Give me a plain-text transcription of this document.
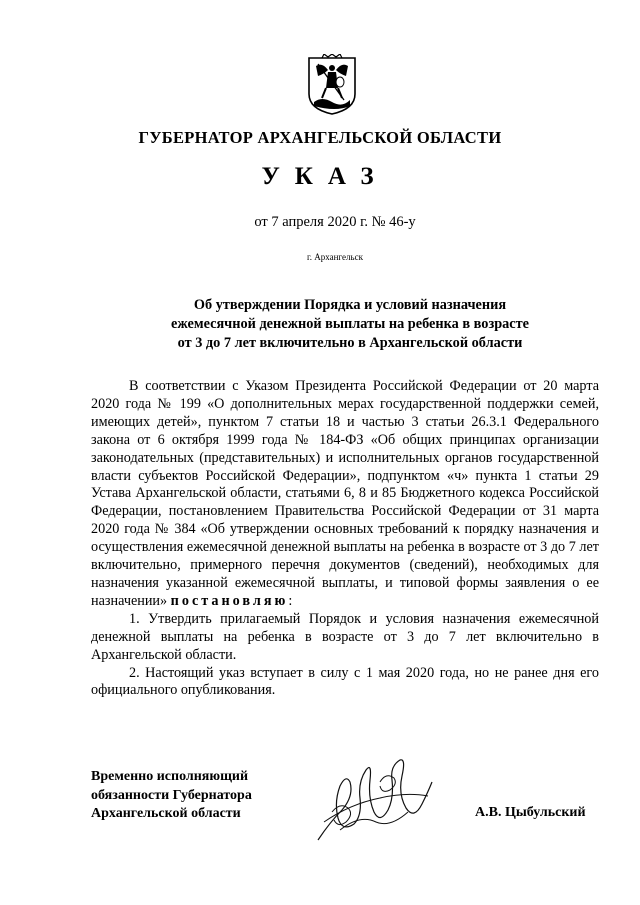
ГУБЕРНАТОР АРХАНГЕЛЬСКОЙ ОБЛАСТИ
УКАЗ
от 7 апреля 2020 г. № 46-у
г. Архангельск
Об утверждении Порядка и условий назначения
ежемесячной денежной выплаты на ребенка в возрасте
от 3 до 7 лет включительно в Архангельской области

В соответствии с Указом Президента Российской Федерации от 20 марта 2020 года № 199 «О дополнительных мерах государственной поддержки семей, имеющих детей», пунктом 7 статьи 18 и частью 3 статьи 26.3.1 Федерального закона от 6 октября 1999 года № 184-ФЗ «Об общих принципах организации законодательных (представительных) и исполнительных органов государственной власти субъектов Российской Федерации», подпунктом «ч» пункта 1 статьи 29 Устава Архангельской области, статьями 6, 8 и 85 Бюджетного кодекса Российской Федерации, постановлением Правительства Российской Федерации от 31 марта 2020 года № 384 «Об утверждении основных требований к порядку назначения и осуществления ежемесячной денежной выплаты на ребенка в возрасте от 3 до 7 лет включительно, примерного перечня документов (сведений), необходимых для назначения указанной ежемесячной выплаты, и типовой формы заявления о ее назначении» постановляю:

1. Утвердить прилагаемый Порядок и условия назначения ежемесячной денежной выплаты на ребенка в возрасте от 3 до 7 лет включительно в Архангельской области.

2. Настоящий указ вступает в силу с 1 мая 2020 года, но не ранее дня его официального опубликования.

Временно исполняющий
обязанности Губернатора
Архангельской области	А.В. Цыбульский
